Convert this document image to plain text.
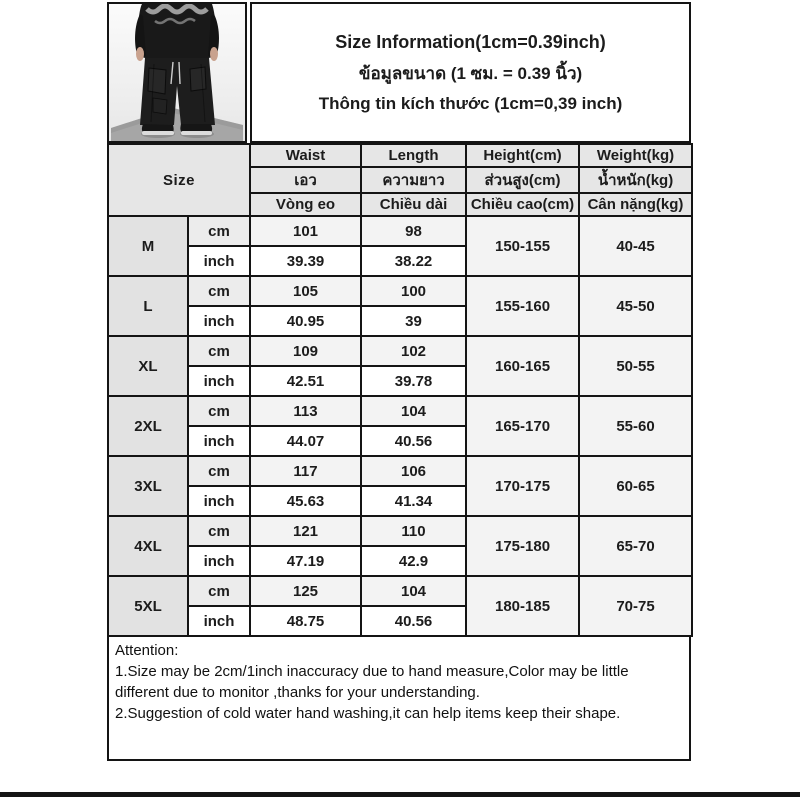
Size Information(1cm=0.39inch)
ข้อมูลขนาด (1 ซม. = 0.39 นิ้ว)
Thông tin kích thước (1cm=0,39 inch)
Size		Waist	Length	Height(cm)	Weight(kg)
		เอว	ความยาว	ส่วนสูง(cm)	น้ำหนัก(kg)
		Vòng eo	Chiều dài	Chiều cao(cm)	Cân nặng(kg)
M	cm	101	98	150-155	40-45
	inch	39.39	38.22		
L	cm	105	100	155-160	45-50
	inch	40.95	39		
XL	cm	109	102	160-165	50-55
	inch	42.51	39.78		
2XL	cm	113	104	165-170	55-60
	inch	44.07	40.56		
3XL	cm	117	106	170-175	60-65
	inch	45.63	41.34		
4XL	cm	121	110	175-180	65-70
	inch	47.19	42.9		
5XL	cm	125	104	180-185	70-75
	inch	48.75	40.56		

Attention:

1.Size may be 2cm/1inch inaccuracy due to hand measure,Color may be little different due to monitor ,thanks for your understanding.

2.Suggestion of cold water hand washing,it can help items keep their shape.
